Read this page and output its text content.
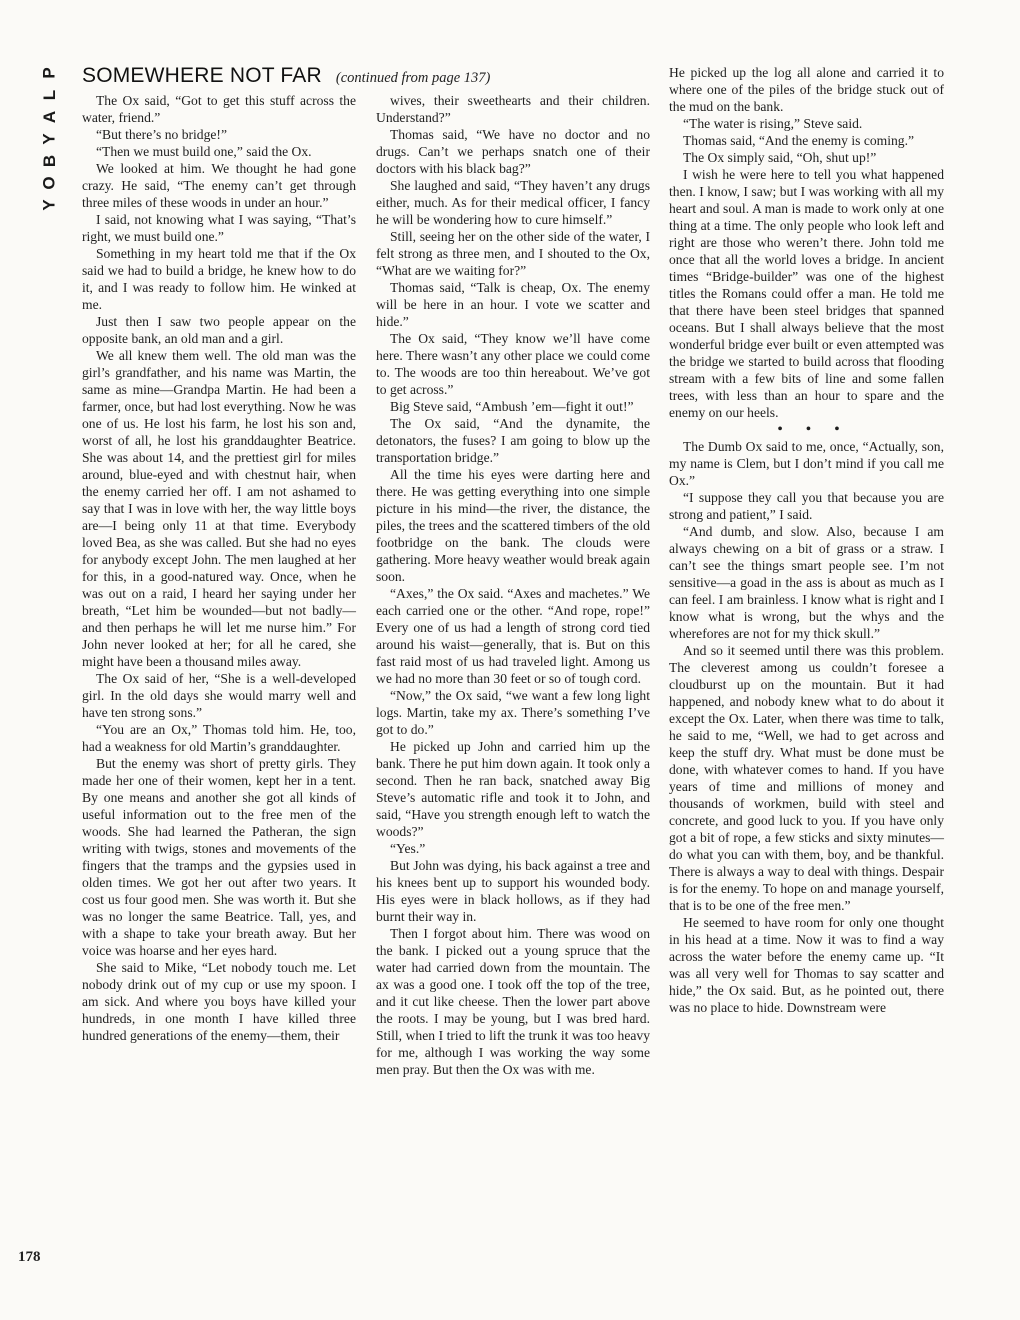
P
L
A
Y
B
O
Y
SOMEWHERE NOT FAR (continued from page 137)

The Ox said, “Got to get this stuff across the water, friend.”

“But there’s no bridge!”

“Then we must build one,” said the Ox.

We looked at him. We thought he had gone crazy. He said, “The enemy can’t get through three miles of these woods in under an hour.”

I said, not knowing what I was saying, “That’s right, we must build one.”

Something in my heart told me that if the Ox said we had to build a bridge, he knew how to do it, and I was ready to follow him. He winked at me.

Just then I saw two people appear on the opposite bank, an old man and a girl.

We all knew them well. The old man was the girl’s grandfather, and his name was Martin, the same as mine—Grandpa Martin. He had been a farmer, once, but had lost everything. Now he was one of us. He lost his farm, he lost his son and, worst of all, he lost his granddaughter Beatrice. She was about 14, and the prettiest girl for miles around, blue-eyed and with chestnut hair, when the enemy carried her off. I am not ashamed to say that I was in love with her, the way little boys are—I being only 11 at that time. Everybody loved Bea, as she was called. But she had no eyes for anybody except John. The men laughed at her for this, in a good-natured way. Once, when he was out on a raid, I heard her saying under her breath, “Let him be wounded—but not badly—and then perhaps he will let me nurse him.” For John never looked at her; for all he cared, she might have been a thousand miles away.

The Ox said of her, “She is a well-developed girl. In the old days she would marry well and have ten strong sons.”

“You are an Ox,” Thomas told him. He, too, had a weakness for old Martin’s granddaughter.

But the enemy was short of pretty girls. They made her one of their women, kept her in a tent. By one means and another she got all kinds of useful information out to the free men of the woods. She had learned the Patheran, the sign writing with twigs, stones and movements of the fingers that the tramps and the gypsies used in olden times. We got her out after two years. It cost us four good men. She was worth it. But she was no longer the same Beatrice. Tall, yes, and with a shape to take your breath away. But her voice was hoarse and her eyes hard.

She said to Mike, “Let nobody touch me. Let nobody drink out of my cup or use my spoon. I am sick. And where you boys have killed your hundreds, in one month I have killed three hundred generations of the enemy—them, their

wives, their sweethearts and their children. Understand?”

Thomas said, “We have no doctor and no drugs. Can’t we perhaps snatch one of their doctors with his black bag?”

She laughed and said, “They haven’t any drugs either, much. As for their medical officer, I fancy he will be wondering how to cure himself.”

Still, seeing her on the other side of the water, I felt strong as three men, and I shouted to the Ox, “What are we waiting for?”

Thomas said, “Talk is cheap, Ox. The enemy will be here in an hour. I vote we scatter and hide.”

The Ox said, “They know we’ll have come here. There wasn’t any other place we could come to. The woods are too thin hereabout. We’ve got to get across.”

Big Steve said, “Ambush ’em—fight it out!”

The Ox said, “And the dynamite, the detonators, the fuses? I am going to blow up the transportation bridge.”

All the time his eyes were darting here and there. He was getting everything into one simple picture in his mind—the river, the distance, the piles, the trees and the scattered timbers of the old footbridge on the bank. The clouds were gathering. More heavy weather would break again soon.

“Axes,” the Ox said. “Axes and machetes.” We each carried one or the other. “And rope, rope!” Every one of us had a length of strong cord tied around his waist—generally, that is. But on this fast raid most of us had traveled light. Among us we had no more than 30 feet or so of tough cord.

“Now,” the Ox said, “we want a few long light logs. Martin, take my ax. There’s something I’ve got to do.”

He picked up John and carried him up the bank. There he put him down again. It took only a second. Then he ran back, snatched away Big Steve’s automatic rifle and took it to John, and said, “Have you strength enough left to watch the woods?”

“Yes.”

But John was dying, his back against a tree and his knees bent up to support his wounded body. His eyes were in black hollows, as if they had burnt their way in.

Then I forgot about him. There was wood on the bank. I picked out a young spruce that the water had carried down from the mountain. The ax was a good one. I took off the top of the tree, and it cut like cheese. Then the lower part above the roots. I may be young, but I was bred hard. Still, when I tried to lift the trunk it was too heavy for me, although I was working the way some men pray. But then the Ox was with me.

He picked up the log all alone and carried it to where one of the piles of the bridge stuck out of the mud on the bank.

“The water is rising,” Steve said.

Thomas said, “And the enemy is coming.”

The Ox simply said, “Oh, shut up!”

I wish he were here to tell you what happened then. I know, I saw; but I was working with all my heart and soul. A man is made to work only at one thing at a time. The only people who look left and right are those who weren’t there. John told me once that all the world loves a bridge. In ancient times “Bridge-builder” was one of the highest titles the Romans could offer a man. He told me that there have been steel bridges that spanned oceans. But I shall always believe that the most wonderful bridge ever built or even attempted was the bridge we started to build across that flooding stream with a few bits of line and some fallen trees, with less than an hour to spare and the enemy on our heels.

• • •

The Dumb Ox said to me, once, “Actually, son, my name is Clem, but I don’t mind if you call me Ox.”

“I suppose they call you that because you are strong and patient,” I said.

“And dumb, and slow. Also, because I am always chewing on a bit of grass or a straw. I can’t see the things smart people see. I’m not sensitive—a goad in the ass is about as much as I can feel. I am brainless. I know what is right and I know what is wrong, but the whys and the wherefores are not for my thick skull.”

And so it seemed until there was this problem. The cleverest among us couldn’t foresee a cloudburst up on the mountain. But it had happened, and nobody knew what to do about it except the Ox. Later, when there was time to talk, he said to me, “Well, we had to get across and keep the stuff dry. What must be done must be done, with whatever comes to hand. If you have years of time and millions of money and thousands of workmen, build with steel and concrete, and good luck to you. If you have only got a bit of rope, a few sticks and sixty minutes—do what you can with them, boy, and be thankful. There is always a way to deal with things. Despair is for the enemy. To hope on and manage yourself, that is to be one of the free men.”

He seemed to have room for only one thought in his head at a time. Now it was to find a way across the water before the enemy came up. “It was all very well for Thomas to say scatter and hide,” the Ox said. But, as he pointed out, there was no place to hide. Downstream were

178
